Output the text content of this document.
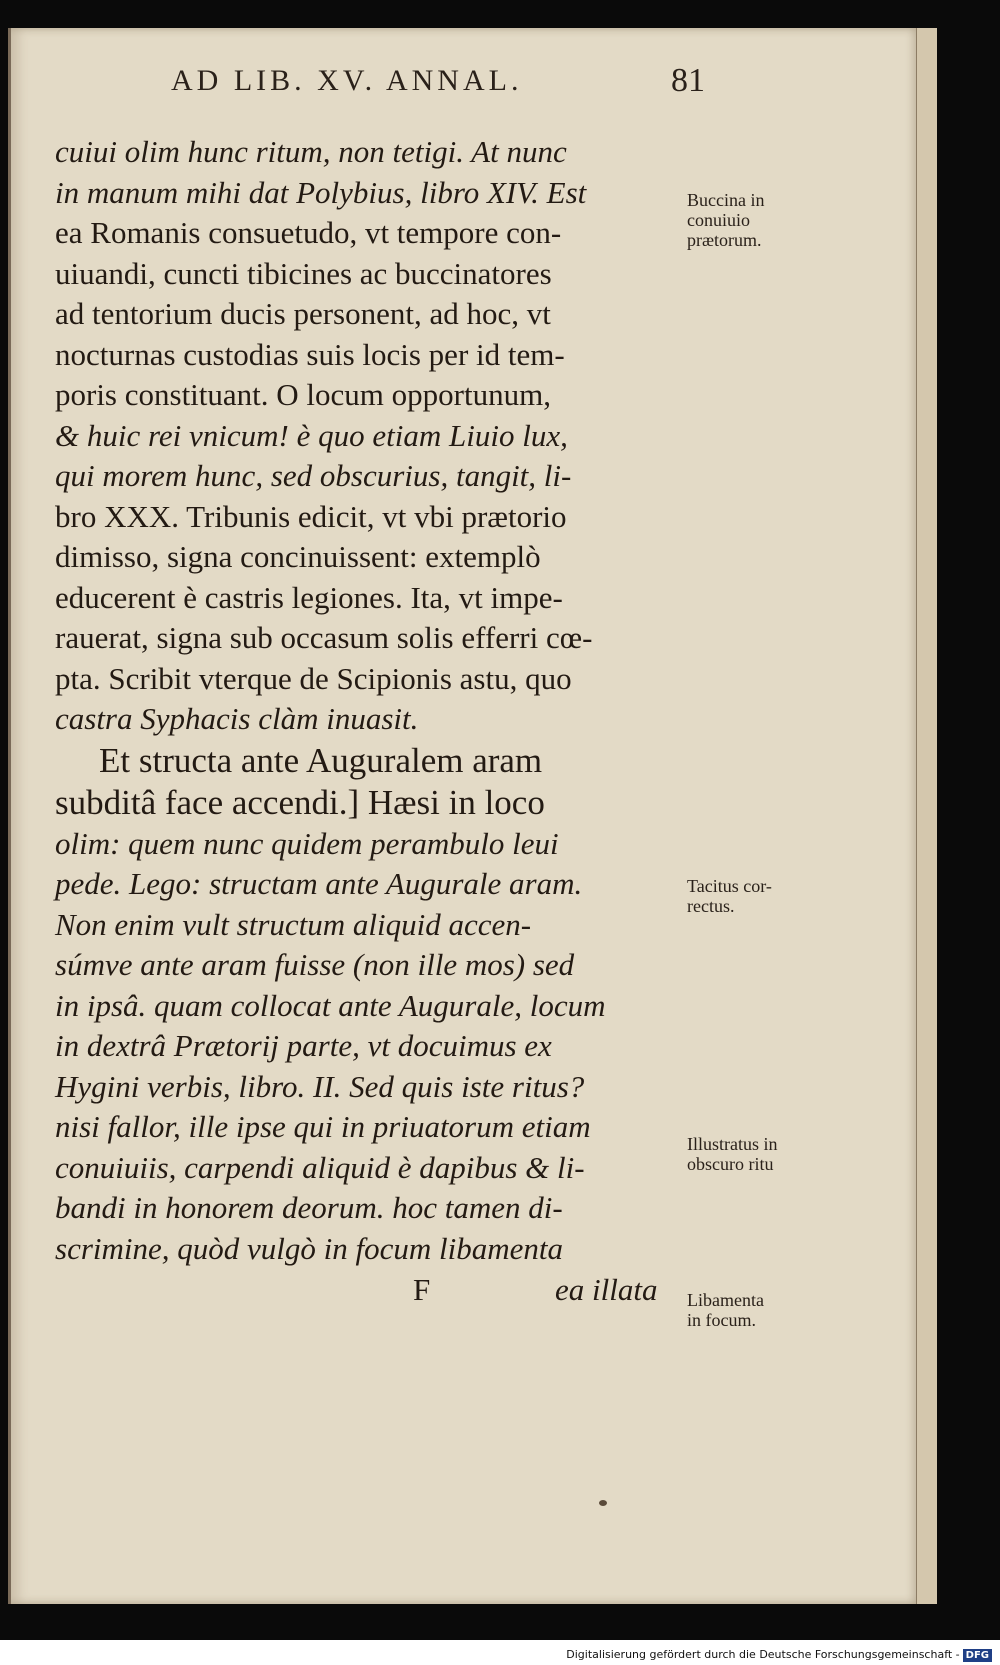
AD LIB. XV. ANNAL.	81
cuiui olim hunc ritum, non tetigi. At nunc
in manum mihi dat Polybius, libro XIV. Est
ea Romanis consuetudo, vt tempore con-
uiuandi, cuncti tibicines ac buccinatores
ad tentorium ducis personent, ad hoc, vt
nocturnas custodias suis locis per id tem-
poris constituant. O locum opportunum,
& huic rei vnicum! è quo etiam Liuio lux,
qui morem hunc, sed obscurius, tangit, li-
bro XXX. Tribunis edicit, vt vbi prætorio
dimisso, signa concinuissent: extemplò
educerent è castris legiones. Ita, vt impe-
rauerat, signa sub occasum solis efferri cœ-
pta. Scribit vterque de Scipionis astu, quo
castra Syphacis clàm inuasit.
Et structa ante Auguralem aram
subditâ face accendi.] Hæsi in loco
olim: quem nunc quidem perambulo leui
pede. Lego: structam ante Augurale aram.
Non enim vult structum aliquid accen-
súmve ante aram fuisse (non ille mos) sed
in ipsâ. quam collocat ante Augurale, locum
in dextrâ Prætorij parte, vt docuimus ex
Hygini verbis, libro. II. Sed quis iste ritus?
nisi fallor, ille ipse qui in priuatorum etiam
conuiuiis, carpendi aliquid è dapibus & li-
bandi in honorem deorum. hoc tamen di-
scrimine, quòd vulgò in focum libamenta
F	ea illata
Buccina in
conuiuio
prætorum.
Tacitus cor-
rectus.
Illustratus in
obscuro ritu
Libamenta
in focum.
Digitalisierung gefördert durch die Deutsche Forschungsgemeinschaft - DFG
